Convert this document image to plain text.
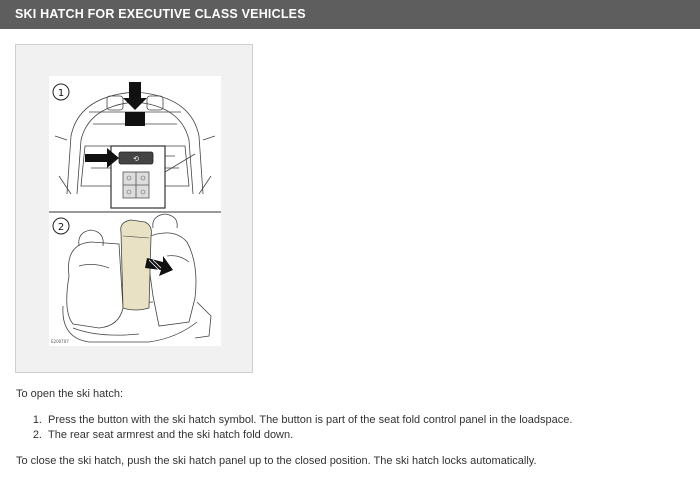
SKI HATCH FOR EXECUTIVE CLASS VEHICLES
⟲
1
2
E200707
To open the ski hatch:
1. Press the button with the ski hatch symbol. The button is part of the seat fold control panel in the loadspace.
2. The rear seat armrest and the ski hatch fold down.
To close the ski hatch, push the ski hatch panel up to the closed position. The ski hatch locks automatically.
